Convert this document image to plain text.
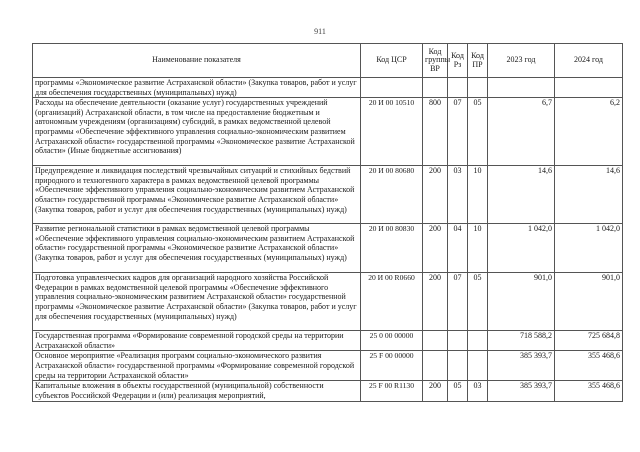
911
Наименование показателя	Код ЦСР	Код группы ВР	Код Рз	Код ПР	2023 год	2024 год
программы «Экономическое развитие Астраханской области» (Закупка товаров, работ и услуг для обеспечения государственных (муниципальных) нужд)						
Расходы на обеспечение деятельности (оказание услуг) государственных учреждений (организаций) Астраханской области, в том числе на предоставление бюджетным и автономным учреждениям (организациям) субсидий, в рамках ведомственной целевой программы «Обеспечение эффективного управления социально-экономическим развитием Астраханской области» государственной программы «Экономическое развитие Астраханской области» (Иные бюджетные ассигнования)	20 И 00 10510	800	07	05	6,7	6,2
Предупреждение и ликвидация последствий чрезвычайных ситуаций и стихийных бедствий природного и техногенного характера в рамках ведомственной целевой программы «Обеспечение эффективного управления социально-экономическим развитием Астраханской области» государственной программы «Экономическое развитие Астраханской области» (Закупка товаров, работ и услуг для обеспечения государственных (муниципальных) нужд)	20 И 00 80680	200	03	10	14,6	14,6
Развитие региональной статистики в рамках ведомственной целевой программы «Обеспечение эффективного управления социально-экономическим развитием Астраханской области» государственной программы «Экономическое развитие Астраханской области» (Закупка товаров, работ и услуг для обеспечения государственных (муниципальных) нужд)	20 И 00 80830	200	04	10	1 042,0	1 042,0
Подготовка управленческих кадров для организаций народного хозяйства Российской Федерации в рамках ведомственной целевой программы «Обеспечение эффективного управления социально-экономическим развитием Астраханской области» государственной программы «Экономическое развитие Астраханской области» (Закупка товаров, работ и услуг для обеспечения государственных (муниципальных) нужд)	20 И 00 R0660	200	07	05	901,0	901,0
Государственная программа «Формирование современной городской среды на территории Астраханской области»	25 0 00 00000				718 588,2	725 684,8
Основное мероприятие «Реализация программ социально-экономического развития Астраханской области» государственной программы «Формирование современной городской среды на территории Астраханской области»	25 F 00 00000				385 393,7	355 468,6
Капитальные вложения в объекты государственной (муниципальной) собственности субъектов Российской Федерации и (или) реализация мероприятий,	25 F 00 R1130	200	05	03	385 393,7	355 468,6
